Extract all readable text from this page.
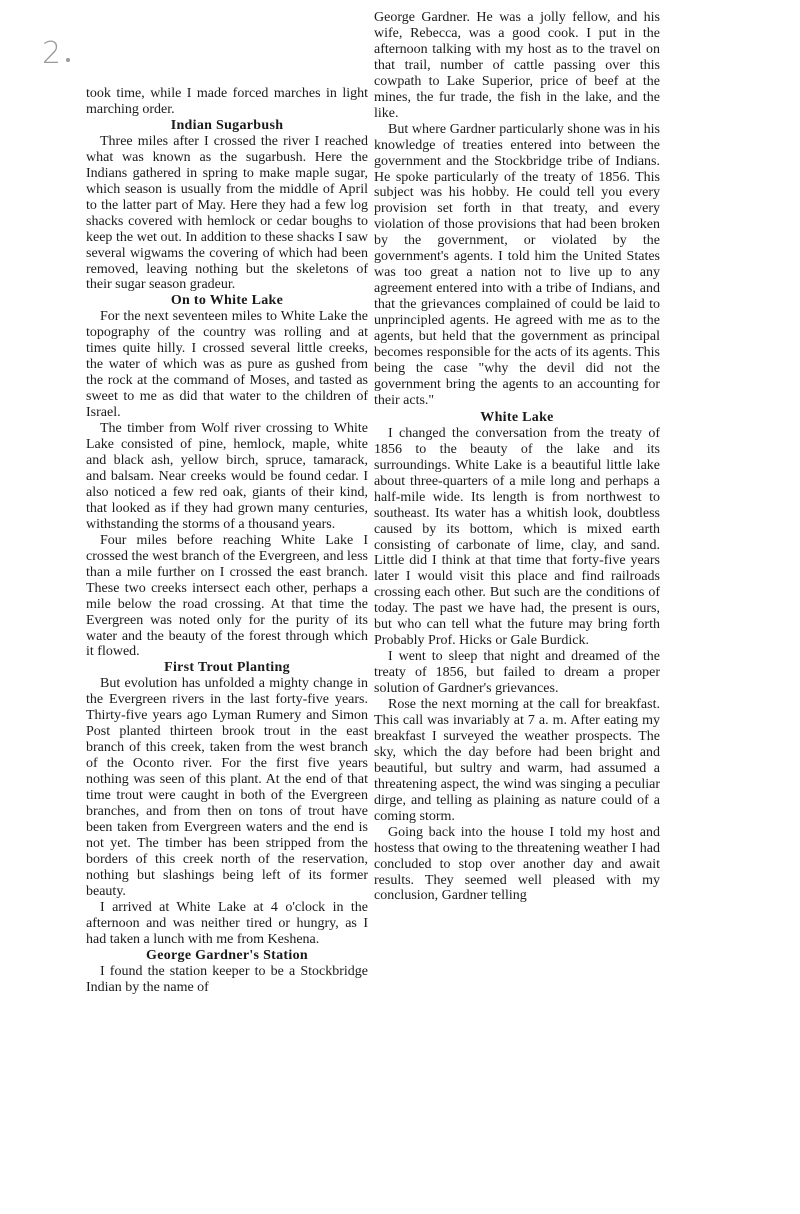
2

took time, while I made forced marches in light marching order.

Indian Sugarbush

Three miles after I crossed the river I reached what was known as the sugarbush. Here the Indians gathered in spring to make maple sugar, which season is usually from the middle of April to the latter part of May. Here they had a few log shacks covered with hemlock or cedar boughs to keep the wet out. In addition to these shacks I saw several wigwams the covering of which had been removed, leaving nothing but the skeletons of their sugar season gradeur.

On to White Lake

For the next seventeen miles to White Lake the topography of the country was rolling and at times quite hilly. I crossed several little creeks, the water of which was as pure as gushed from the rock at the command of Moses, and tasted as sweet to me as did that water to the children of Israel.

The timber from Wolf river crossing to White Lake consisted of pine, hemlock, maple, white and black ash, yellow birch, spruce, tamarack, and balsam. Near creeks would be found cedar. I also noticed a few red oak, giants of their kind, that looked as if they had grown many centuries, withstanding the storms of a thousand years.

Four miles before reaching White Lake I crossed the west branch of the Evergreen, and less than a mile further on I crossed the east branch. These two creeks intersect each other, perhaps a mile below the road crossing. At that time the Evergreen was noted only for the purity of its water and the beauty of the forest through which it flowed.

First Trout Planting

But evolution has unfolded a mighty change in the Evergreen rivers in the last forty-five years. Thirty-five years ago Lyman Rumery and Simon Post planted thirteen brook trout in the east branch of this creek, taken from the west branch of the Oconto river. For the first five years nothing was seen of this plant. At the end of that time trout were caught in both of the Evergreen branches, and from then on tons of trout have been taken from Evergreen waters and the end is not yet. The timber has been stripped from the borders of this creek north of the reservation, nothing but slashings being left of its former beauty.

I arrived at White Lake at 4 o'clock in the afternoon and was neither tired or hungry, as I had taken a lunch with me from Keshena.

George Gardner's Station

I found the station keeper to be a Stockbridge Indian by the name of

George Gardner. He was a jolly fellow, and his wife, Rebecca, was a good cook. I put in the afternoon talking with my host as to the travel on that trail, number of cattle passing over this cowpath to Lake Superior, price of beef at the mines, the fur trade, the fish in the lake, and the like.

But where Gardner particularly shone was in his knowledge of treaties entered into between the government and the Stockbridge tribe of Indians. He spoke particularly of the treaty of 1856. This subject was his hobby. He could tell you every provision set forth in that treaty, and every violation of those provisions that had been broken by the government, or violated by the government's agents. I told him the United States was too great a nation not to live up to any agreement entered into with a tribe of Indians, and that the grievances complained of could be laid to unprincipled agents. He agreed with me as to the agents, but held that the government as principal becomes responsible for the acts of its agents. This being the case "why the devil did not the government bring the agents to an accounting for their acts."

White Lake

I changed the conversation from the treaty of 1856 to the beauty of the lake and its surroundings. White Lake is a beautiful little lake about three-quarters of a mile long and perhaps a half-mile wide. Its length is from northwest to southeast. Its water has a whitish look, doubtless caused by its bottom, which is mixed earth consisting of carbonate of lime, clay, and sand. Little did I think at that time that forty-five years later I would visit this place and find railroads crossing each other. But such are the conditions of today. The past we have had, the present is ours, but who can tell what the future may bring forth Probably Prof. Hicks or Gale Burdick.

I went to sleep that night and dreamed of the treaty of 1856, but failed to dream a proper solution of Gardner's grievances.

Rose the next morning at the call for breakfast. This call was invariably at 7 a. m. After eating my breakfast I surveyed the weather prospects. The sky, which the day before had been bright and beautiful, but sultry and warm, had assumed a threatening aspect, the wind was singing a peculiar dirge, and telling as plaining as nature could of a coming storm.

Going back into the house I told my host and hostess that owing to the threatening weather I had concluded to stop over another day and await results. They seemed well pleased with my conclusion, Gardner telling
